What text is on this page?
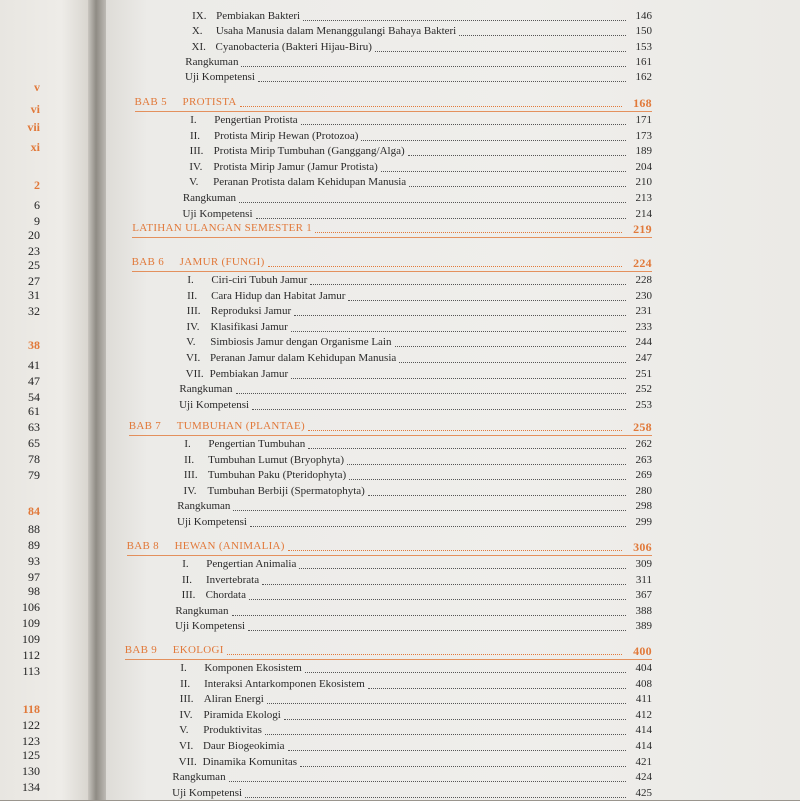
v
vi
vii
xi
2
6
9
20
23
25
27
31
32
38
41
47
54
61
63
65
78
79
84
88
89
93
97
98
106
109
109
112
113
118
122
123
125
130
134
IX. Pembiakan Bakteri	146
X. Usaha Manusia dalam Menanggulangi Bahaya Bakteri	150
XI. Cyanobacteria (Bakteri Hijau-Biru)	153
Rangkuman	161
Uji Kompetensi	162
BAB 5 PROTISTA	168
I. Pengertian Protista	171
II. Protista Mirip Hewan (Protozoa)	173
III. Protista Mirip Tumbuhan (Ganggang/Alga)	189
IV. Protista Mirip Jamur (Jamur Protista)	204
V. Peranan Protista dalam Kehidupan Manusia	210
Rangkuman	213
Uji Kompetensi	214
LATIHAN ULANGAN SEMESTER 1	219
BAB 6 JAMUR (FUNGI)	224
I. Ciri-ciri Tubuh Jamur	228
II. Cara Hidup dan Habitat Jamur	230
III. Reproduksi Jamur	231
IV. Klasifikasi Jamur	233
V. Simbiosis Jamur dengan Organisme Lain	244
VI. Peranan Jamur dalam Kehidupan Manusia	247
VII. Pembiakan Jamur	251
Rangkuman	252
Uji Kompetensi	253
BAB 7 TUMBUHAN (PLANTAE)	258
I. Pengertian Tumbuhan	262
II. Tumbuhan Lumut (Bryophyta)	263
III. Tumbuhan Paku (Pteridophyta)	269
IV. Tumbuhan Berbiji (Spermatophyta)	280
Rangkuman	298
Uji Kompetensi	299
BAB 8 HEWAN (ANIMALIA)	306
I. Pengertian Animalia	309
II. Invertebrata	311
III. Chordata	367
Rangkuman	388
Uji Kompetensi	389
BAB 9 EKOLOGI	400
I. Komponen Ekosistem	404
II. Interaksi Antarkomponen Ekosistem	408
III. Aliran Energi	411
IV. Piramida Ekologi	412
V. Produktivitas	414
VI. Daur Biogeokimia	414
VII. Dinamika Komunitas	421
Rangkuman	424
Uji Kompetensi	425
